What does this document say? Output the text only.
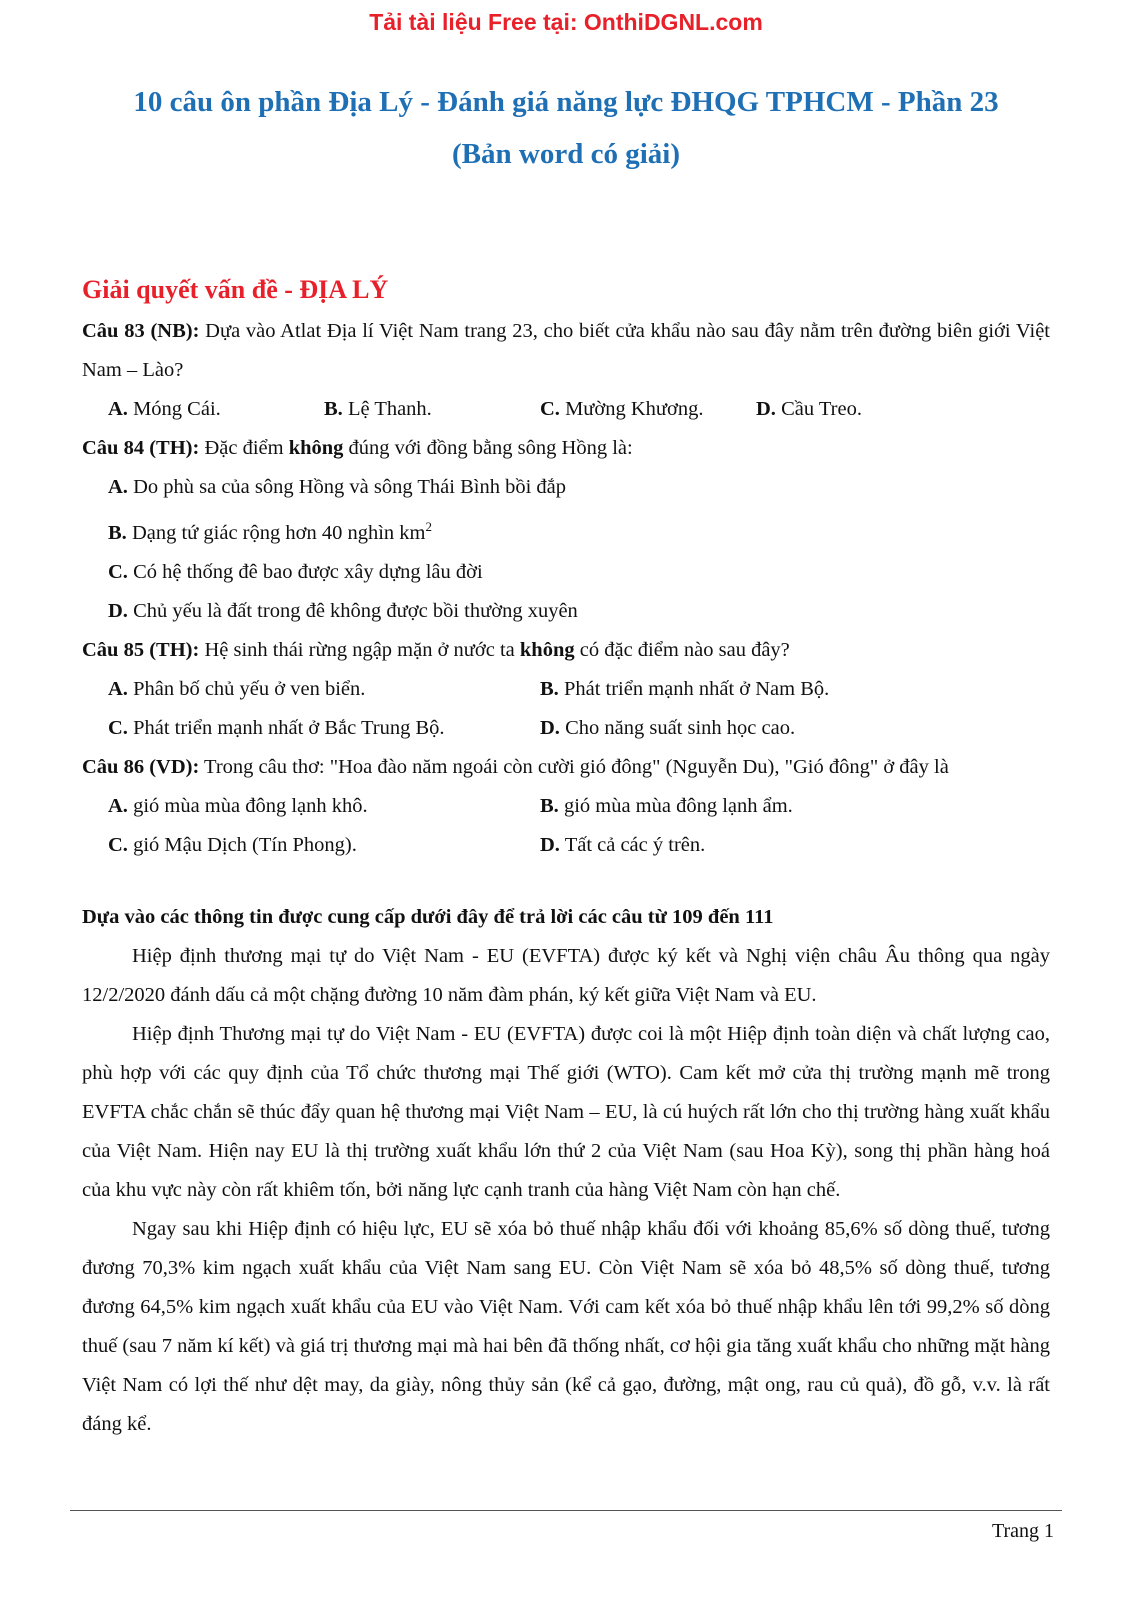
Tải tài liệu Free tại: OnthiDGNL.com
10 câu ôn phần Địa Lý - Đánh giá năng lực ĐHQG TPHCM - Phần 23
(Bản word có giải)
Giải quyết vấn đề - ĐỊA LÝ
Câu 83 (NB): Dựa vào Atlat Địa lí Việt Nam trang 23, cho biết cửa khẩu nào sau đây nằm trên đường biên giới Việt Nam – Lào?
A. Móng Cái.	B. Lệ Thanh.	C. Mường Khương.	D. Cầu Treo.
Câu 84 (TH): Đặc điểm không đúng với đồng bằng sông Hồng là:
A. Do phù sa của sông Hồng và sông Thái Bình bồi đắp
B. Dạng tứ giác rộng hơn 40 nghìn $km^2$
C. Có hệ thống đê bao được xây dựng lâu đời
D. Chủ yếu là đất trong đê không được bồi thường xuyên
Câu 85 (TH): Hệ sinh thái rừng ngập mặn ở nước ta không có đặc điểm nào sau đây?
A. Phân bố chủ yếu ở ven biển.	B. Phát triển mạnh nhất ở Nam Bộ.
C. Phát triển mạnh nhất ở Bắc Trung Bộ.	D. Cho năng suất sinh học cao.
Câu 86 (VD): Trong câu thơ: "Hoa đào năm ngoái còn cười gió đông" (Nguyễn Du), "Gió đông" ở đây là
A. gió mùa mùa đông lạnh khô.	B. gió mùa mùa đông lạnh ẩm.
C. gió Mậu Dịch (Tín Phong).	D. Tất cả các ý trên.
Dựa vào các thông tin được cung cấp dưới đây để trả lời các câu từ 109 đến 111
Hiệp định thương mại tự do Việt Nam - EU (EVFTA) được ký kết và Nghị viện châu Âu thông qua ngày 12/2/2020 đánh dấu cả một chặng đường 10 năm đàm phán, ký kết giữa Việt Nam và EU.
Hiệp định Thương mại tự do Việt Nam - EU (EVFTA) được coi là một Hiệp định toàn diện và chất lượng cao, phù hợp với các quy định của Tổ chức thương mại Thế giới (WTO). Cam kết mở cửa thị trường mạnh mẽ trong EVFTA chắc chắn sẽ thúc đẩy quan hệ thương mại Việt Nam – EU, là cú huých rất lớn cho thị trường hàng xuất khẩu của Việt Nam. Hiện nay EU là thị trường xuất khẩu lớn thứ 2 của Việt Nam (sau Hoa Kỳ), song thị phần hàng hoá của khu vực này còn rất khiêm tốn, bởi năng lực cạnh tranh của hàng Việt Nam còn hạn chế.
Ngay sau khi Hiệp định có hiệu lực, EU sẽ xóa bỏ thuế nhập khẩu đối với khoảng 85,6% số dòng thuế, tương đương 70,3% kim ngạch xuất khẩu của Việt Nam sang EU. Còn Việt Nam sẽ xóa bỏ 48,5% số dòng thuế, tương đương 64,5% kim ngạch xuất khẩu của EU vào Việt Nam. Với cam kết xóa bỏ thuế nhập khẩu lên tới 99,2% số dòng thuế (sau 7 năm kí kết) và giá trị thương mại mà hai bên đã thống nhất, cơ hội gia tăng xuất khẩu cho những mặt hàng Việt Nam có lợi thế như dệt may, da giày, nông thủy sản (kể cả gạo, đường, mật ong, rau củ quả), đồ gỗ, v.v. là rất đáng kể.
Trang 1
